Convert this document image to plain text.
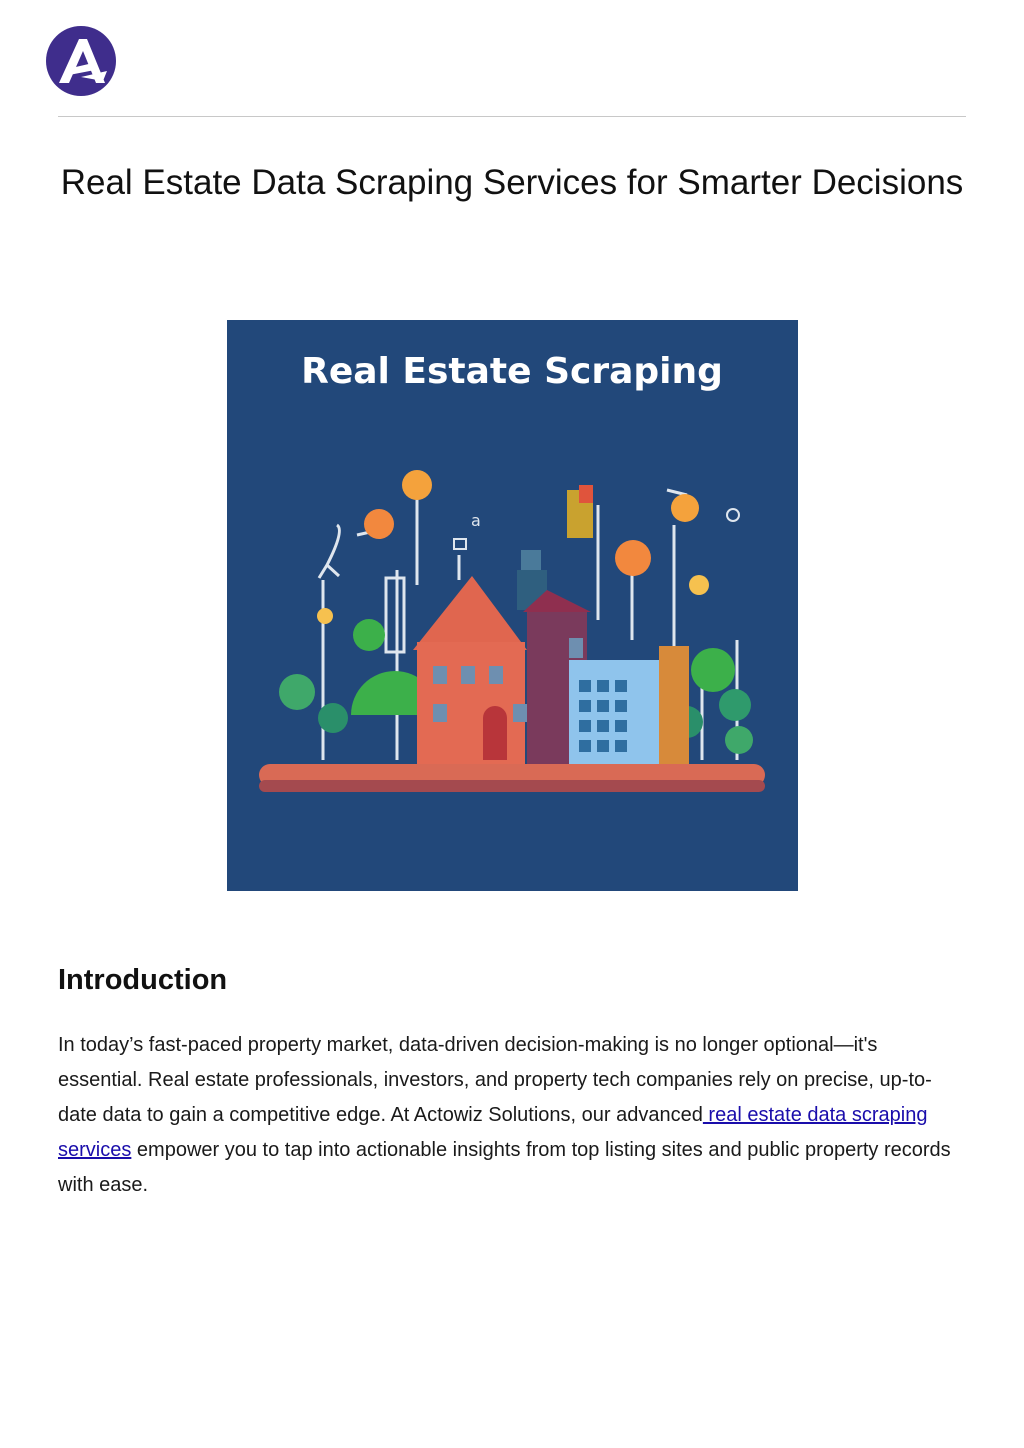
Real Estate Data Scraping Services for Smarter Decisions
Real Estate Scraping
a
Introduction

In today’s fast-paced property market, data-driven decision-making is no longer optional—it's essential. Real estate professionals, investors, and property tech companies rely on precise, up-to-date data to gain a competitive edge. At Actowiz Solutions, our advanced real estate data scraping services empower you to tap into actionable insights from top listing sites and public property records with ease.
